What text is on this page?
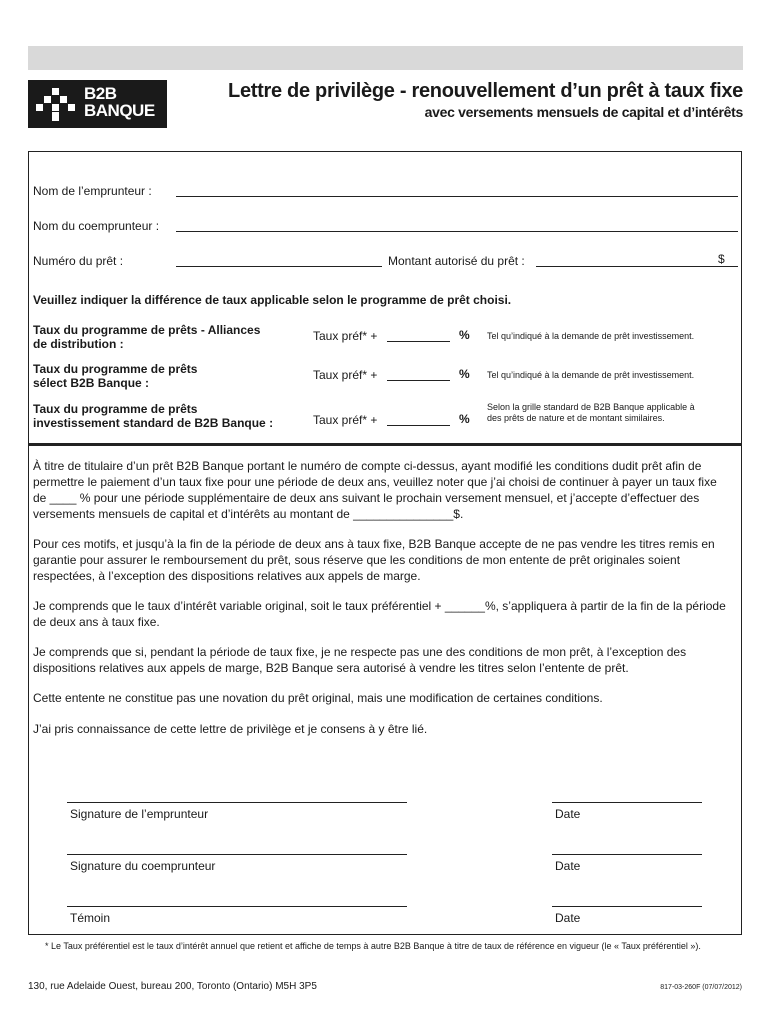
B2B
BANQUE
Lettre de privilège - renouvellement d’un prêt à taux fixe
avec versements mensuels de capital et d’intérêts
Nom de l’emprunteur :
Nom du coemprunteur :
Numéro du prêt :	Montant autorisé du prêt :	$
Veuillez indiquer la différence de taux applicable selon le programme de prêt choisi.
Taux du programme de prêts - Alliances
de distribution :
Taux préf* +	% Tel qu’indiqué à la demande de prêt investissement.
Taux du programme de prêts
sélect B2B Banque :
Taux préf* +	% Tel qu’indiqué à la demande de prêt investissement.
Taux du programme de prêts
investissement standard de B2B Banque :	Taux préf* +	%
Selon la grille standard de B2B Banque applicable à
des prêts de nature et de montant similaires.
À titre de titulaire d’un prêt B2B Banque portant le numéro de compte ci-dessus, ayant modifié les conditions dudit prêt afin de permettre le paiement d’un taux fixe pour une période de deux ans, veuillez noter que j’ai choisi de continuer à payer un taux fixe de ____ % pour une période supplémentaire de deux ans suivant le prochain versement mensuel, et j’accepte d’effectuer des versements mensuels de capital et d’intérêts au montant de _______________$.
Pour ces motifs, et jusqu’à la fin de la période de deux ans à taux fixe, B2B Banque accepte de ne pas vendre les titres remis en garantie pour assurer le remboursement du prêt, sous réserve que les conditions de mon entente de prêt originales soient respectées, à l’exception des dispositions relatives aux appels de marge.
Je comprends que le taux d’intérêt variable original, soit le taux préférentiel + ______%, s’appliquera à partir de la fin de la période de deux ans à taux fixe.
Je comprends que si, pendant la période de taux fixe, je ne respecte pas une des conditions de mon prêt, à l’exception des dispositions relatives aux appels de marge, B2B Banque sera autorisé à vendre les titres selon l’entente de prêt.
Cette entente ne constitue pas une novation du prêt original, mais une modification de certaines conditions.
J’ai pris connaissance de cette lettre de privilège et je consens à y être lié.
Signature de l’emprunteur	Date
Signature du coemprunteur	Date
Témoin	Date
* Le Taux préférentiel est le taux d’intérêt annuel que retient et affiche de temps à autre B2B Banque à titre de taux de référence en vigueur (le « Taux préférentiel »).
130, rue Adelaide Ouest, bureau 200, Toronto (Ontario) M5H 3P5	817-03-260F (07/07/2012)
